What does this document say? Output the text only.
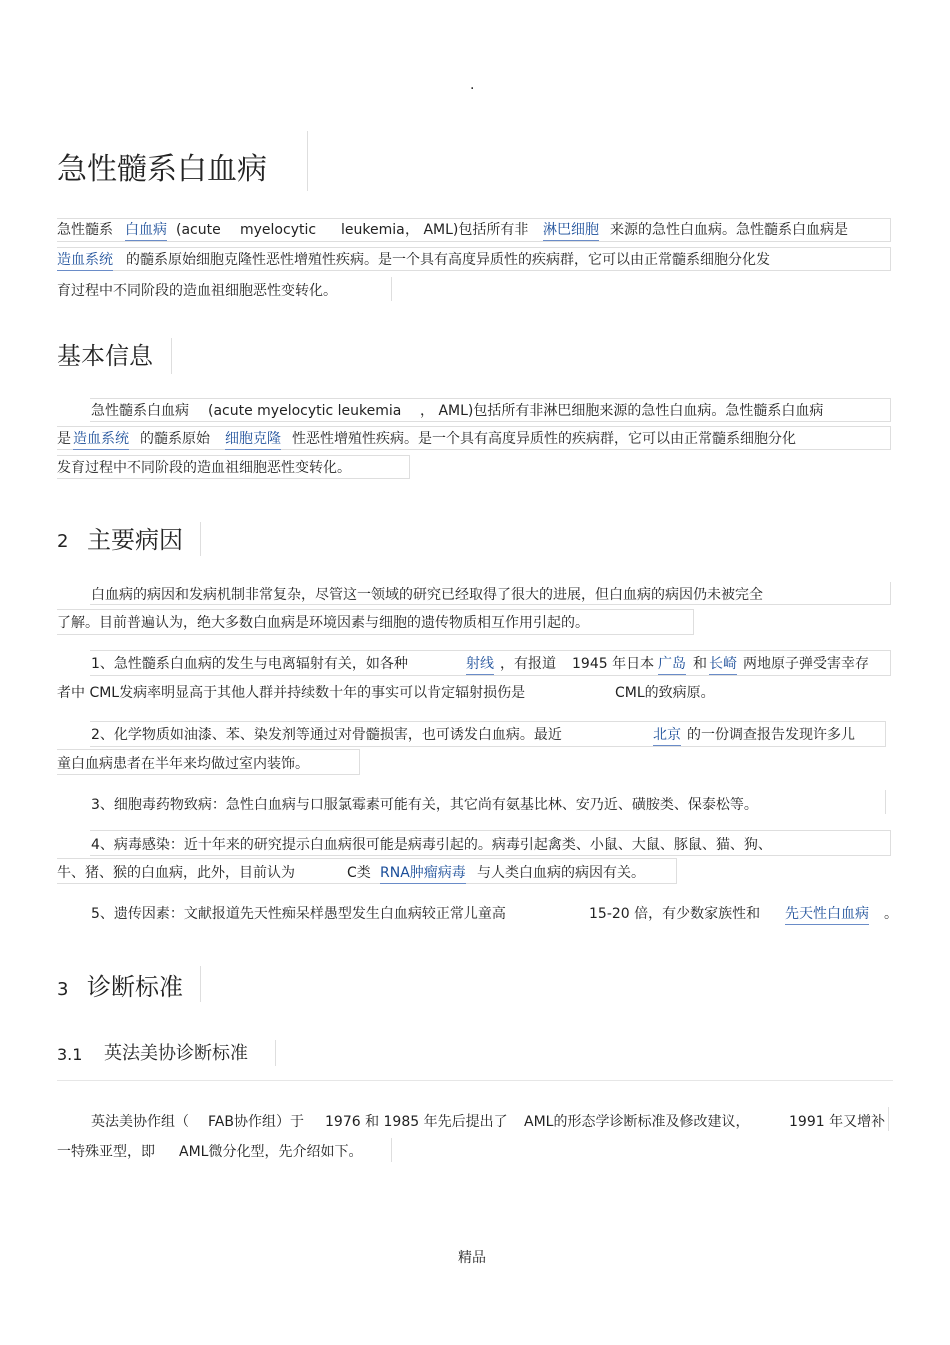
.
急性髓系白血病
急性髓系 白血病 (acute myelocytic leukemia ， AML)包括所有非 淋巴细胞 来源的急性白血病。急性髓系白血病是
造血系统 的髓系原始细胞克隆性恶性增殖性疾病。是一个具有高度异质性的疾病群，它可以由正常髓系细胞分化发
育过程中不同阶段的造血祖细胞恶性变转化。
基本信息
急性髓系白血病 (acute myelocytic leukemia ， AML)包括所有非淋巴细胞来源的急性白血病。急性髓系白血病
是 造血系统 的髓系原始 细胞克隆 性恶性增殖性疾病。是一个具有高度异质性的疾病群，它可以由正常髓系细胞分化
发育过程中不同阶段的造血祖细胞恶性变转化。
2 主要病因
白血病的病因和发病机制非常复杂，尽管这一领域的研究已经取得了很大的进展，但白血病的病因仍未被完全
了解。目前普遍认为，绝大多数白血病是环境因素与细胞的遗传物质相互作用引起的。
1、急性髓系白血病的发生与电离辐射有关，如各种	射线 ，有报道 1945 年日本 广岛 和 长崎 两地原子弹受害幸存
者中 CML发病率明显高于其他人群并持续数十年的事实可以肯定辐射损伤是	CML的致病原。
2、化学物质如油漆、苯、染发剂等通过对骨髓损害，也可诱发白血病。最近	北京 的一份调查报告发现许多儿
童白血病患者在半年来均做过室内装饰。
3、细胞毒药物致病：急性白血病与口服氯霉素可能有关，其它尚有氨基比林、安乃近、磺胺类、保泰松等。
4、病毒感染：近十年来的研究提示白血病很可能是病毒引起的。病毒引起禽类、小鼠、大鼠、豚鼠、猫、狗、
牛、猪、猴的白血病，此外，目前认为	C类 RNA肿瘤病毒 与人类白血病的病因有关。
5、遗传因素：文献报道先天性痴呆样愚型发生白血病较正常儿童高	15-20 倍，有少数家族性和 先天性白血病 。
3 诊断标准
3.1 英法美协诊断标准
英法美协作组（ FAB协作组）于 1976 和 1985 年先后提出了 AML的形态学诊断标准及修改建议，	1991 年又增补
一特殊亚型，即 AML微分化型，先介绍如下。
精品
